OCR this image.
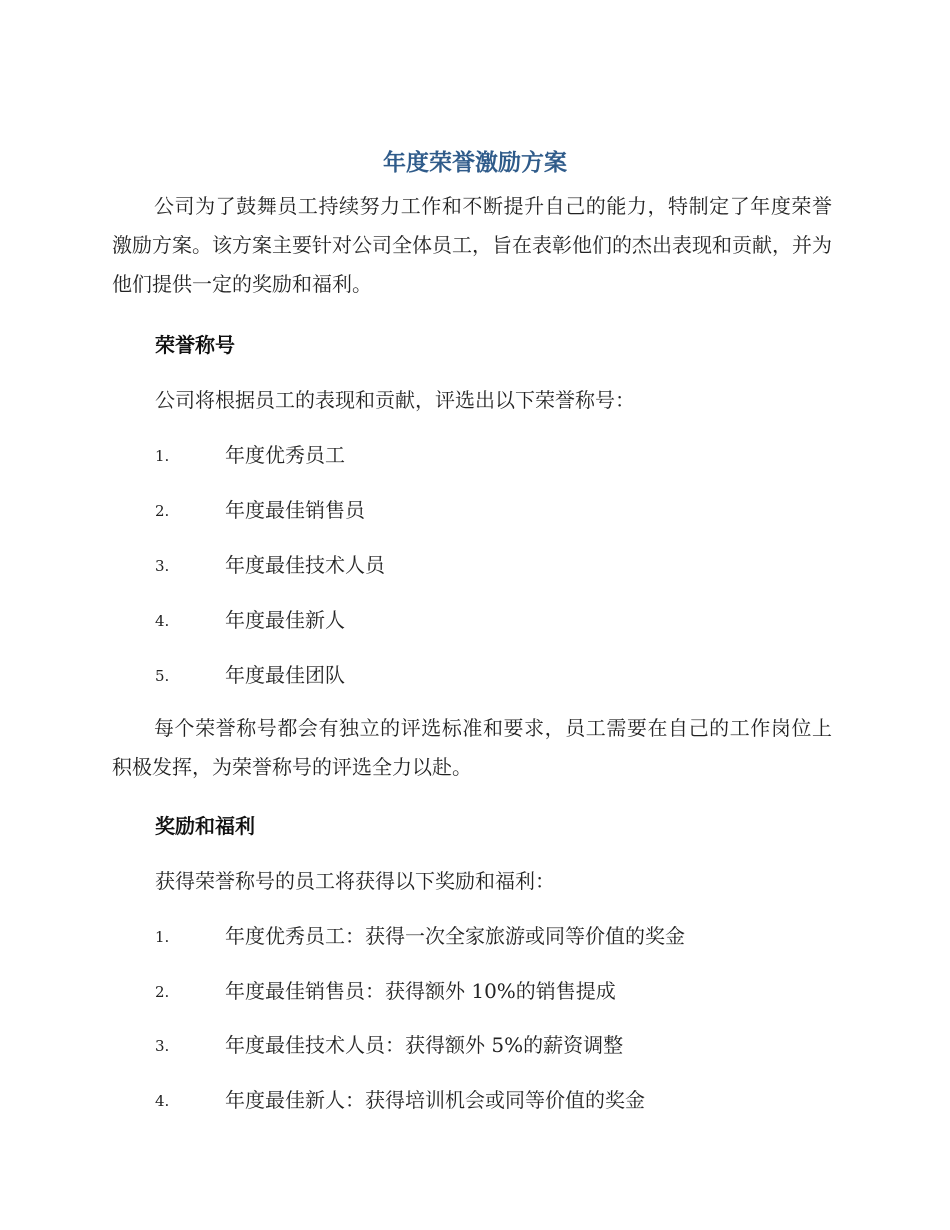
年度荣誉激励方案
公司为了鼓舞员工持续努力工作和不断提升自己的能力，特制定了年度荣誉激励方案。该方案主要针对公司全体员工，旨在表彰他们的杰出表现和贡献，并为他们提供一定的奖励和福利。
荣誉称号
公司将根据员工的表现和贡献，评选出以下荣誉称号：
1.	年度优秀员工
2.	年度最佳销售员
3.	年度最佳技术人员
4.	年度最佳新人
5.	年度最佳团队
每个荣誉称号都会有独立的评选标准和要求，员工需要在自己的工作岗位上积极发挥，为荣誉称号的评选全力以赴。
奖励和福利
获得荣誉称号的员工将获得以下奖励和福利：
1.	年度优秀员工：获得一次全家旅游或同等价值的奖金
2.	年度最佳销售员：获得额外 10%的销售提成
3.	年度最佳技术人员：获得额外 5%的薪资调整
4.	年度最佳新人：获得培训机会或同等价值的奖金
